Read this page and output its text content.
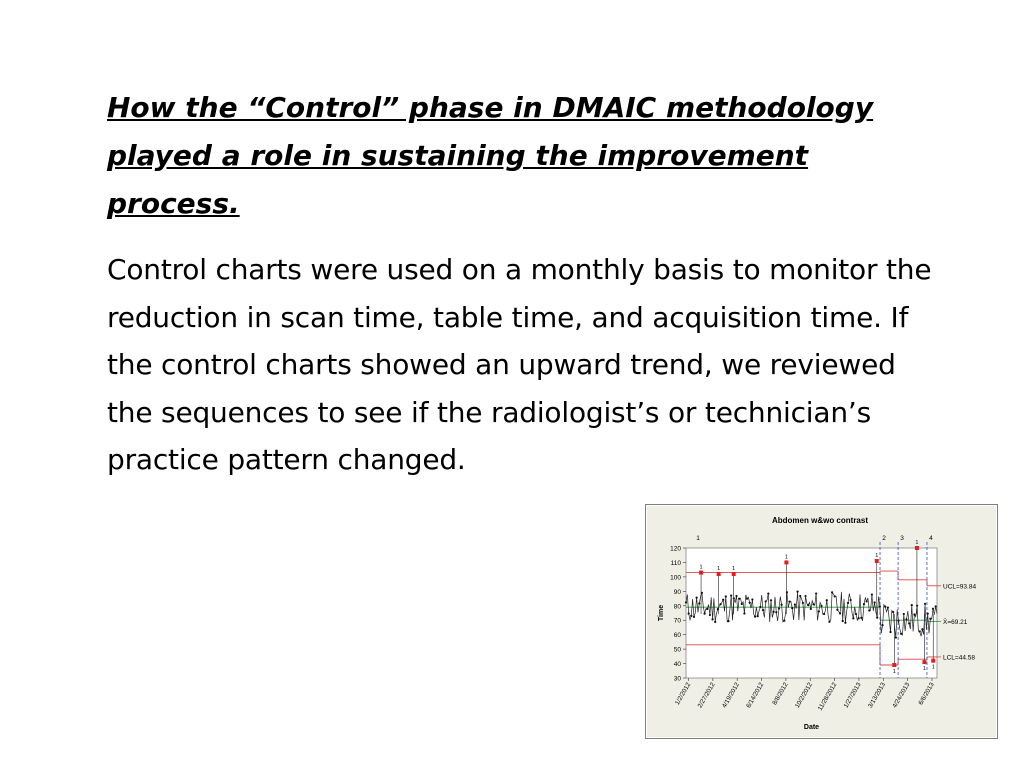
How the “Control” phase in DMAIC methodology played a role in sustaining the improvement process.

Control charts were used on a monthly basis to monitor the reduction in scan time, table time, and acquisition time. If the control charts showed an upward trend, we reviewed the sequences to see if the radiologist’s or technician’s practice pattern changed.

Abdomen w&wo contrast
30
40
50
60
70
80
90
100
110
120
Time
1	2 3	4
UCL=93.84
X̄=69.21
LCL=44.58
1	1 1
1	1
1
1
1 1
1/2/2012 2/27/2012 4/19/2012 6/14/2012 8/8/2012 10/2/2012 11/28/2012 1/27/2013 3/13/2013 4/24/2013 6/6/2013
Date
